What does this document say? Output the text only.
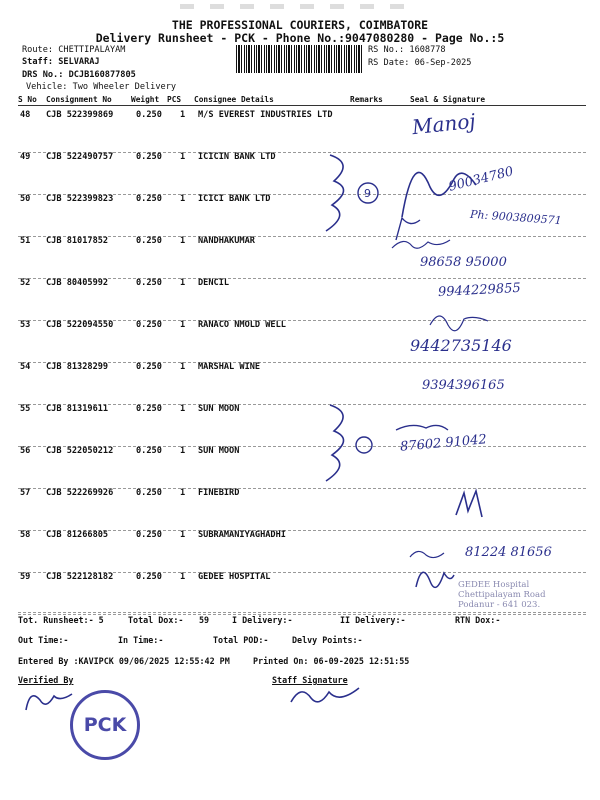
THE PROFESSIONAL COURIERS, COIMBATORE
Delivery Runsheet - PCK - Phone No.:9047080280 - Page No.:5
Route: CHETTIPALAYAM
Staff: SELVARAJ
DRS No.: DCJB160877805
Vehicle: Two Wheeler Delivery
RS No.: 1608778
RS Date: 06-Sep-2025
S No Consignment No Weight PCS Consignee Details	Remarks	Seal & Signature
48 CJB 522399869	0.250 1 M/S EVEREST INDUSTRIES LTD
49 CJB 522490757	0.250 1 ICICIN BANK LTD
50 CJB 522399823	0.250 1 ICICI BANK LTD
51 CJB 81017852	0.250 1 NANDHAKUMAR
52 CJB 80405992	0.250 1 DENCIL
53 CJB 522094550	0.250 1 RANACO NMOLD WELL
54 CJB 81328299	0.250 1 MARSHAL WINE
55 CJB 81319611	0.250 1 SUN MOON
56 CJB 522050212	0.250 1 SUN MOON
57 CJB 522269926	0.250 1 FINEBIRD
58 CJB 81266805	0.250 1 SUBRAMANIYAGHADHI
59 CJB 522128182	0.250 1 GEDEE HOSPITAL
Manoj
90034780
Ph: 9003809571
98658 95000
9944229855
9442735146
9394396165
87602 91042
81224 81656
9
GEDEE Hospital
Chettipalayam Road
Podanur - 641 023.
Tot. Runsheet:- 5	Total Dox:- 59	I Delivery:-	II Delivery:-	RTN Dox:-
Out Time:-	In Time:-	Total POD:-	Delvy Points:-
Entered By :KAVIPCK 09/06/2025 12:55:42 PM	Printed On: 06-09-2025 12:51:55
Verified By	Staff Signature
PCK
